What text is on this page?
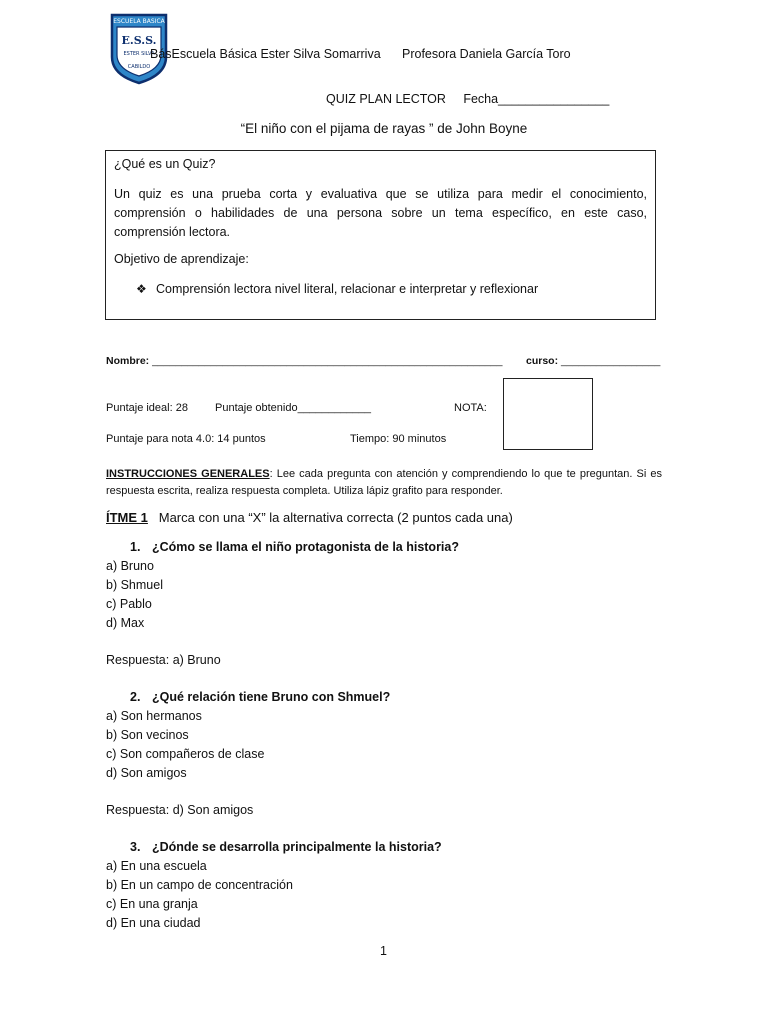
ESCUELA BASICA
E.S.S.
ESTER SILVA
CABILDO
BásEscuela Básica Ester Silva Somarriva Profesora Daniela García Toro
QUIZ PLAN LECTOR Fecha________________
“El niño con el pijama de rayas ” de John Boyne
¿Qué es un Quiz?
Un quiz es una prueba corta y evaluativa que se utiliza para medir el conocimiento, comprensión o habilidades de una persona sobre un tema específico, en este caso, comprensión lectora.
Objetivo de aprendizaje:
❖ Comprensión lectora nivel literal, relacionar e interpretar y reflexionar
Nombre: ____________________________________________________________ curso: _________________
Puntaje ideal: 28 Puntaje obtenido____________	NOTA:
Puntaje para nota 4.0: 14 puntos	Tiempo: 90 minutos
INSTRUCCIONES GENERALES: Lee cada pregunta con atención y comprendiendo lo que te preguntan. Si es respuesta escrita, realiza respuesta completa. Utiliza lápiz grafito para responder.
ÍTME 1 Marca con una “X” la alternativa correcta (2 puntos cada una)
1. ¿Cómo se llama el niño protagonista de la historia?
a) Bruno
b) Shmuel
c) Pablo
d) Max
Respuesta: a) Bruno
2. ¿Qué relación tiene Bruno con Shmuel?
a) Son hermanos
b) Son vecinos
c) Son compañeros de clase
d) Son amigos
Respuesta: d) Son amigos
3. ¿Dónde se desarrolla principalmente la historia?
a) En una escuela
b) En un campo de concentración
c) En una granja
d) En una ciudad
1
